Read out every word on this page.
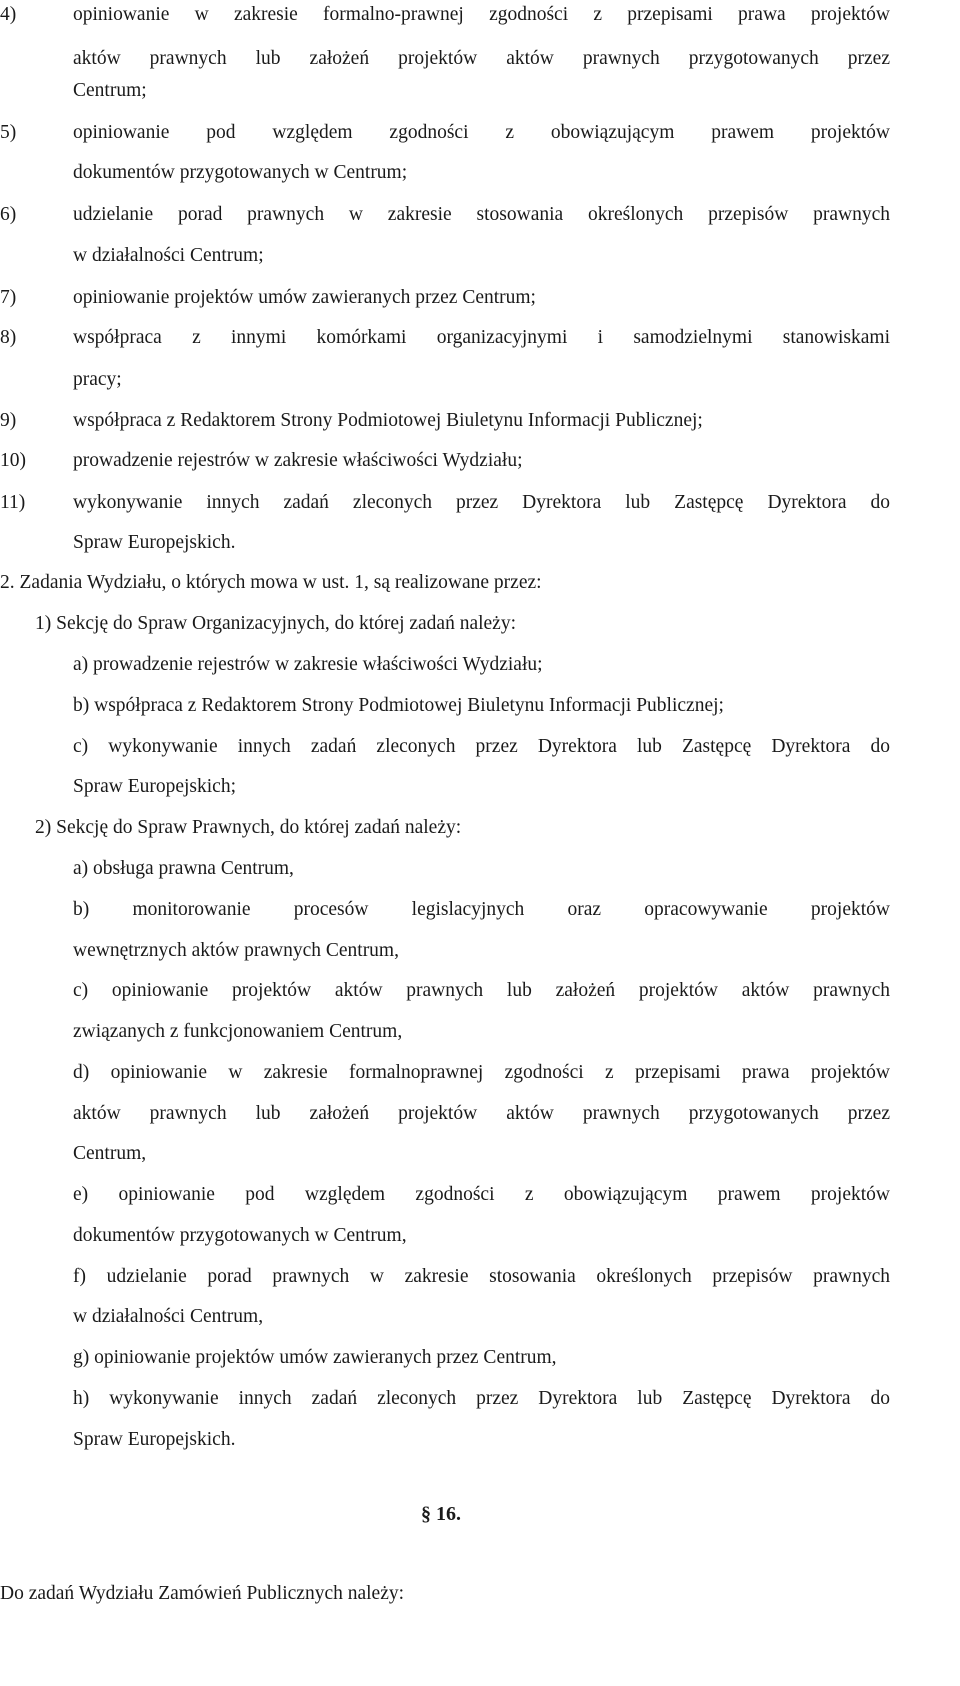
4)	opiniowanie w zakresie formalno-prawnej zgodności z przepisami prawa projektów
aktów prawnych lub założeń projektów aktów prawnych przygotowanych przez
Centrum;
5)	opiniowanie pod względem zgodności z obowiązującym prawem projektów
dokumentów przygotowanych w Centrum;
6)	udzielanie porad prawnych w zakresie stosowania określonych przepisów prawnych
w działalności Centrum;
7)	opiniowanie projektów umów zawieranych przez Centrum;
8)	współpraca z innymi komórkami organizacyjnymi i samodzielnymi stanowiskami
pracy;
9)	współpraca z Redaktorem Strony Podmiotowej Biuletynu Informacji Publicznej;
10) prowadzenie rejestrów w zakresie właściwości Wydziału;
11) wykonywanie innych zadań zleconych przez Dyrektora lub Zastępcę Dyrektora do
Spraw Europejskich.
2. Zadania Wydziału, o których mowa w ust. 1, są realizowane przez:
1) Sekcję do Spraw Organizacyjnych, do której zadań należy:
a) prowadzenie rejestrów w zakresie właściwości Wydziału;
b) współpraca z Redaktorem Strony Podmiotowej Biuletynu Informacji Publicznej;
c) wykonywanie innych zadań zleconych przez Dyrektora lub Zastępcę Dyrektora do
Spraw Europejskich;
2) Sekcję do Spraw Prawnych, do której zadań należy:
a) obsługa prawna Centrum,
b) monitorowanie procesów legislacyjnych oraz opracowywanie projektów
wewnętrznych aktów prawnych Centrum,
c) opiniowanie projektów aktów prawnych lub założeń projektów aktów prawnych
związanych z funkcjonowaniem Centrum,
d) opiniowanie w zakresie formalnoprawnej zgodności z przepisami prawa projektów
aktów prawnych lub założeń projektów aktów prawnych przygotowanych przez
Centrum,
e) opiniowanie pod względem zgodności z obowiązującym prawem projektów
dokumentów przygotowanych w Centrum,
f) udzielanie porad prawnych w zakresie stosowania określonych przepisów prawnych
w działalności Centrum,
g) opiniowanie projektów umów zawieranych przez Centrum,
h) wykonywanie innych zadań zleconych przez Dyrektora lub Zastępcę Dyrektora do
Spraw Europejskich.
§ 16.
Do zadań Wydziału Zamówień Publicznych należy:
